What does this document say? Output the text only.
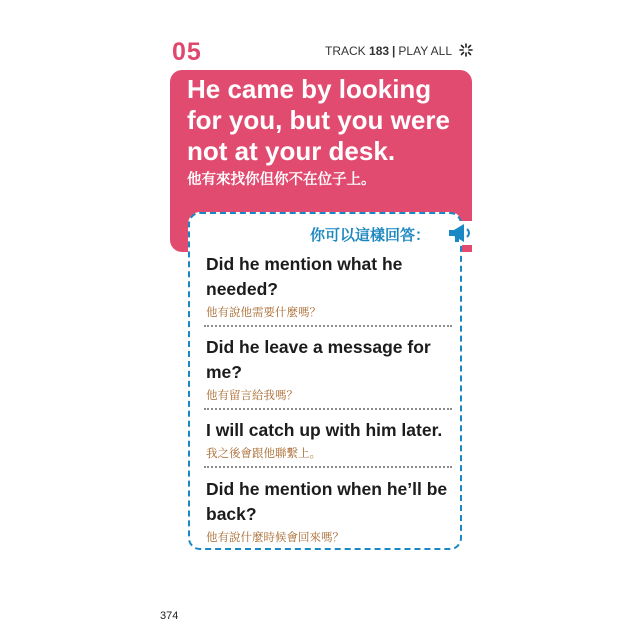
05	TRACK 183 | PLAY ALL
He came by looking for you, but you were not at your desk.
他有來找你但你不在位子上。
你可以這樣回答：
Did he mention what he needed?
他有說他需要什麼嗎？
Did he leave a message for me?
他有留言給我嗎？
I will catch up with him later.
我之後會跟他聯繫上。
Did he mention when he’ll be back?
他有說什麼時候會回來嗎？
374
